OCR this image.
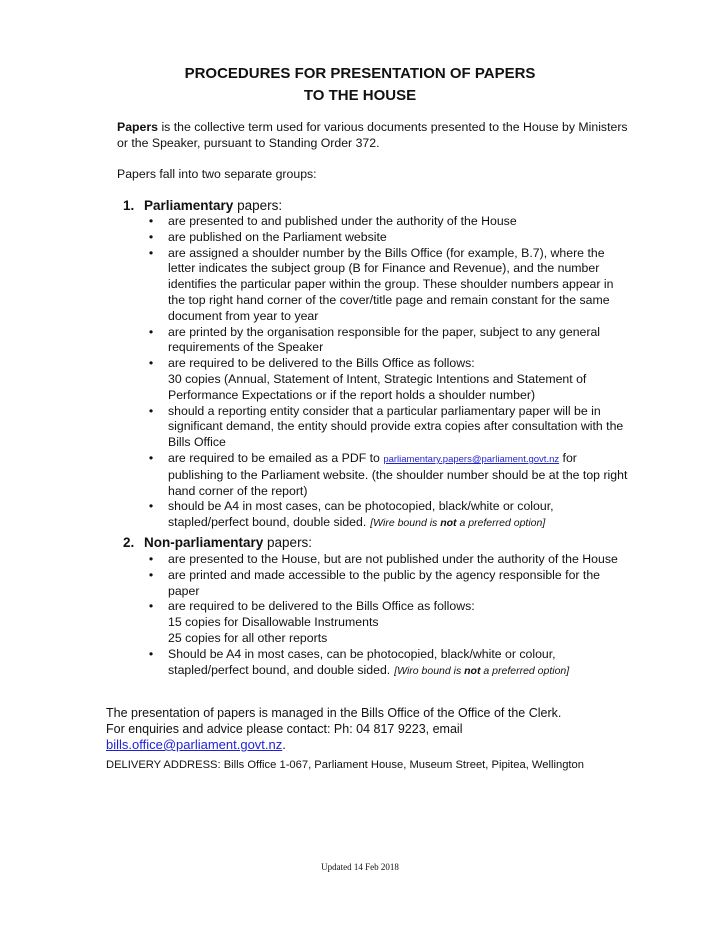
PROCEDURES FOR PRESENTATION OF PAPERS
TO THE HOUSE
Papers is the collective term used for various documents presented to the House by Ministers or the Speaker, pursuant to Standing Order 372.
Papers fall into two separate groups:
1. Parliamentary papers:
• are presented to and published under the authority of the House
• are published on the Parliament website
• are assigned a shoulder number by the Bills Office (for example, B.7), where the letter indicates the subject group (B for Finance and Revenue), and the number identifies the particular paper within the group. These shoulder numbers appear in the top right hand corner of the cover/title page and remain constant for the same document from year to year
• are printed by the organisation responsible for the paper, subject to any general requirements of the Speaker
• are required to be delivered to the Bills Office as follows:
30 copies (Annual, Statement of Intent, Strategic Intentions and Statement of Performance Expectations or if the report holds a shoulder number)
• should a reporting entity consider that a particular parliamentary paper will be in significant demand, the entity should provide extra copies after consultation with the Bills Office
• are required to be emailed as a PDF to parliamentary.papers@parliament.govt.nz for publishing to the Parliament website. (the shoulder number should be at the top right hand corner of the report)
• should be A4 in most cases, can be photocopied, black/white or colour, stapled/perfect bound, double sided. [Wire bound is not a preferred option]
2. Non-parliamentary papers:
• are presented to the House, but are not published under the authority of the House
• are printed and made accessible to the public by the agency responsible for the paper
• are required to be delivered to the Bills Office as follows:
15 copies for Disallowable Instruments
25 copies for all other reports
• Should be A4 in most cases, can be photocopied, black/white or colour, stapled/perfect bound, and double sided. [Wiro bound is not a preferred option]
The presentation of papers is managed in the Bills Office of the Office of the Clerk.
For enquiries and advice please contact: Ph: 04 817 9223, email
bills.office@parliament.govt.nz.
DELIVERY ADDRESS: Bills Office 1-067, Parliament House, Museum Street, Pipitea, Wellington
Updated 14 Feb 2018
